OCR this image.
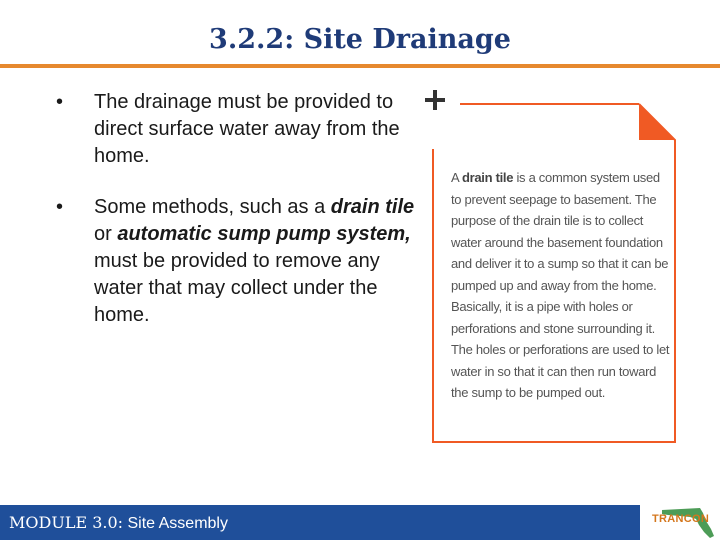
3.2.2: Site Drainage
•	The drainage must be provided to direct surface water away from the home.
•	Some methods, such as a drain tile or automatic sump pump system, must be provided to remove any water that may collect under the home.
A drain tile is a common system used to prevent seepage to basement. The purpose of the drain tile is to collect water around the basement foundation and deliver it to a sump so that it can be pumped up and away from the home. Basically, it is a pipe with holes or perforations and stone surrounding it. The holes or perforations are used to let water in so that it can then run toward the sump to be pumped out.
MODULE 3.0: Site Assembly	TRANCON
